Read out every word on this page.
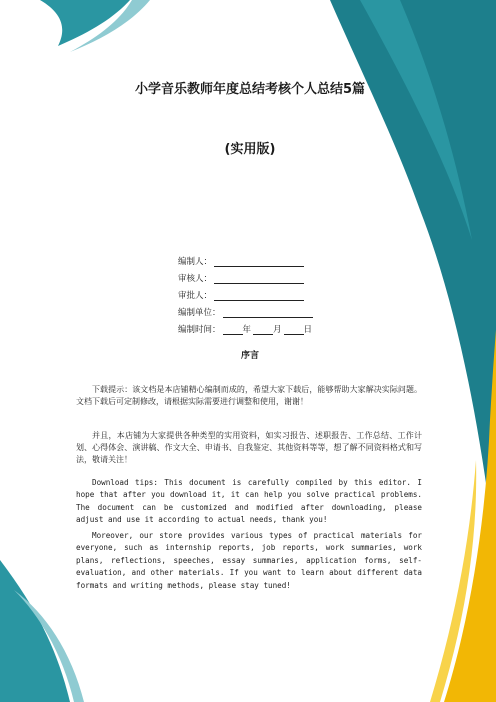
小学音乐教师年度总结考核个人总结5篇
(实用版)
编制人：
审核人：
审批人：
编制单位：
编制时间：	年	月	日
序言

下载提示：该文档是本店铺精心编制而成的，希望大家下载后，能够帮助大家解决实际问题。文档下载后可定制修改，请根据实际需要进行调整和使用，谢谢！

并且，本店铺为大家提供各种类型的实用资料，如实习报告、述职报告、工作总结、工作计划、心得体会、演讲稿、作文大全、申请书、自我鉴定、其他资料等等，想了解不同资料格式和写法，敬请关注！

Download tips: This document is carefully compiled by this editor. I hope that after you download it, it can help you solve practical problems. The document can be customized and modified after downloading, please adjust and use it according to actual needs, thank you!

Moreover, our store provides various types of practical materials for everyone, such as internship reports, job reports, work summaries, work plans, reflections, speeches, essay summaries, application forms, self-evaluation, and other materials. If you want to learn about different data formats and writing methods, please stay tuned!
